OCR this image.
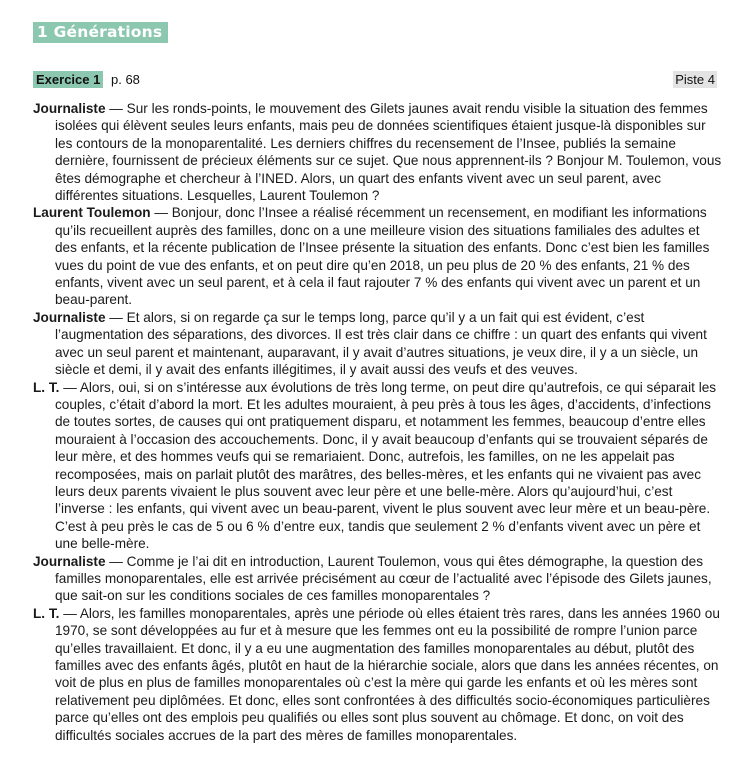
1 Générations
Exercice 1 p. 68	Piste 4

Journaliste — Sur les ronds-points, le mouvement des Gilets jaunes avait rendu visible la situation des femmes isolées qui élèvent seules leurs enfants, mais peu de données scientifiques étaient jusque-là disponibles sur les contours de la monoparentalité. Les derniers chiffres du recensement de l’Insee, publiés la semaine dernière, fournissent de précieux éléments sur ce sujet. Que nous apprennent-ils ? Bonjour M. Toulemon, vous êtes démographe et chercheur à l’INED. Alors, un quart des enfants vivent avec un seul parent, avec différentes situations. Lesquelles, Laurent Toulemon ?

Laurent Toulemon — Bonjour, donc l’Insee a réalisé récemment un recensement, en modifiant les informations qu’ils recueillent auprès des familles, donc on a une meilleure vision des situations familiales des adultes et des enfants, et la récente publication de l’Insee présente la situation des enfants. Donc c’est bien les familles vues du point de vue des enfants, et on peut dire qu’en 2018, un peu plus de 20 % des enfants, 21 % des enfants, vivent avec un seul parent, et à cela il faut rajouter 7 % des enfants qui vivent avec un parent et un beau-parent.

Journaliste — Et alors, si on regarde ça sur le temps long, parce qu’il y a un fait qui est évident, c’est l’augmentation des séparations, des divorces. Il est très clair dans ce chiffre : un quart des enfants qui vivent avec un seul parent et maintenant, auparavant, il y avait d’autres situations, je veux dire, il y a un siècle, un siècle et demi, il y avait des enfants illégitimes, il y avait aussi des veufs et des veuves.

L. T. — Alors, oui, si on s’intéresse aux évolutions de très long terme, on peut dire qu’autrefois, ce qui séparait les couples, c’était d’abord la mort. Et les adultes mouraient, à peu près à tous les âges, d’accidents, d’infections de toutes sortes, de causes qui ont pratiquement disparu, et notamment les femmes, beaucoup d’entre elles mouraient à l’occasion des accouchements. Donc, il y avait beaucoup d’enfants qui se trouvaient séparés de leur mère, et des hommes veufs qui se remariaient. Donc, autrefois, les familles, on ne les appelait pas recomposées, mais on parlait plutôt des marâtres, des belles-mères, et les enfants qui ne vivaient pas avec leurs deux parents vivaient le plus souvent avec leur père et une belle-mère. Alors qu’aujourd’hui, c’est l’inverse : les enfants, qui vivent avec un beau-parent, vivent le plus souvent avec leur mère et un beau-père. C’est à peu près le cas de 5 ou 6 % d’entre eux, tandis que seulement 2 % d’enfants vivent avec un père et une belle-mère.

Journaliste — Comme je l’ai dit en introduction, Laurent Toulemon, vous qui êtes démographe, la question des familles monoparentales, elle est arrivée précisément au cœur de l’actualité avec l’épisode des Gilets jaunes, que sait-on sur les conditions sociales de ces familles monoparentales ?

L. T. — Alors, les familles monoparentales, après une période où elles étaient très rares, dans les années 1960 ou 1970, se sont développées au fur et à mesure que les femmes ont eu la possibilité de rompre l’union parce qu’elles travaillaient. Et donc, il y a eu une augmentation des familles monoparentales au début, plutôt des familles avec des enfants âgés, plutôt en haut de la hiérarchie sociale, alors que dans les années récentes, on voit de plus en plus de familles monoparentales où c’est la mère qui garde les enfants et où les mères sont relativement peu diplômées. Et donc, elles sont confrontées à des difficultés socio-économiques particulières parce qu’elles ont des emplois peu qualifiés ou elles sont plus souvent au chômage. Et donc, on voit des difficultés sociales accrues de la part des mères de familles monoparentales.
